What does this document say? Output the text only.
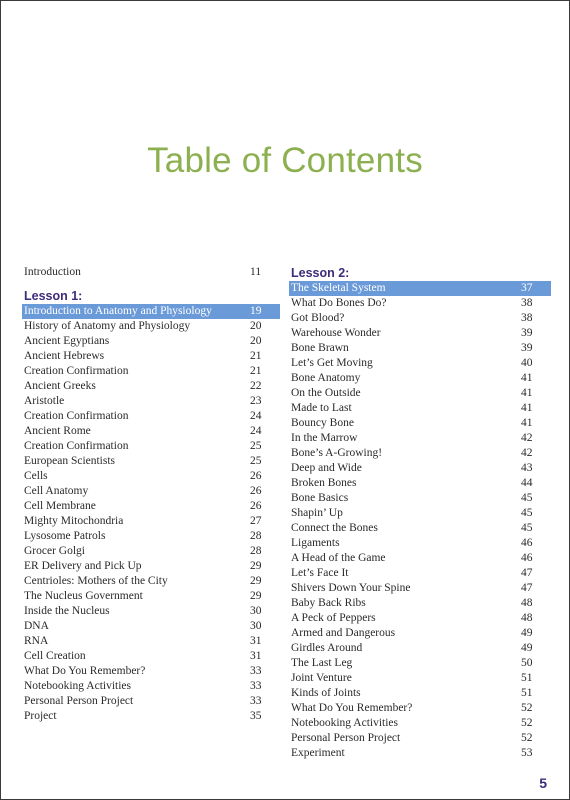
Table of Contents
Introduction	11
Lesson 1:
Introduction to Anatomy and Physiology	19
History of Anatomy and Physiology	20
Ancient Egyptians	20
Ancient Hebrews	21
Creation Confirmation	21
Ancient Greeks	22
Aristotle	23
Creation Confirmation	24
Ancient Rome	24
Creation Confirmation	25
European Scientists	25
Cells	26
Cell Anatomy	26
Cell Membrane	26
Mighty Mitochondria	27
Lysosome Patrols	28
Grocer Golgi	28
ER Delivery and Pick Up	29
Centrioles: Mothers of the City	29
The Nucleus Government	29
Inside the Nucleus	30
DNA	30
RNA	31
Cell Creation	31
What Do You Remember?	33
Notebooking Activities	33
Personal Person Project	33
Project	35
Lesson 2:
The Skeletal System	37
What Do Bones Do?	38
Got Blood?	38
Warehouse Wonder	39
Bone Brawn	39
Let’s Get Moving	40
Bone Anatomy	41
On the Outside	41
Made to Last	41
Bouncy Bone	41
In the Marrow	42
Bone’s A-Growing!	42
Deep and Wide	43
Broken Bones	44
Bone Basics	45
Shapin’ Up	45
Connect the Bones	45
Ligaments	46
A Head of the Game	46
Let’s Face It	47
Shivers Down Your Spine	47
Baby Back Ribs	48
A Peck of Peppers	48
Armed and Dangerous	49
Girdles Around	49
The Last Leg	50
Joint Venture	51
Kinds of Joints	51
What Do You Remember?	52
Notebooking Activities	52
Personal Person Project	52
Experiment	53
5
